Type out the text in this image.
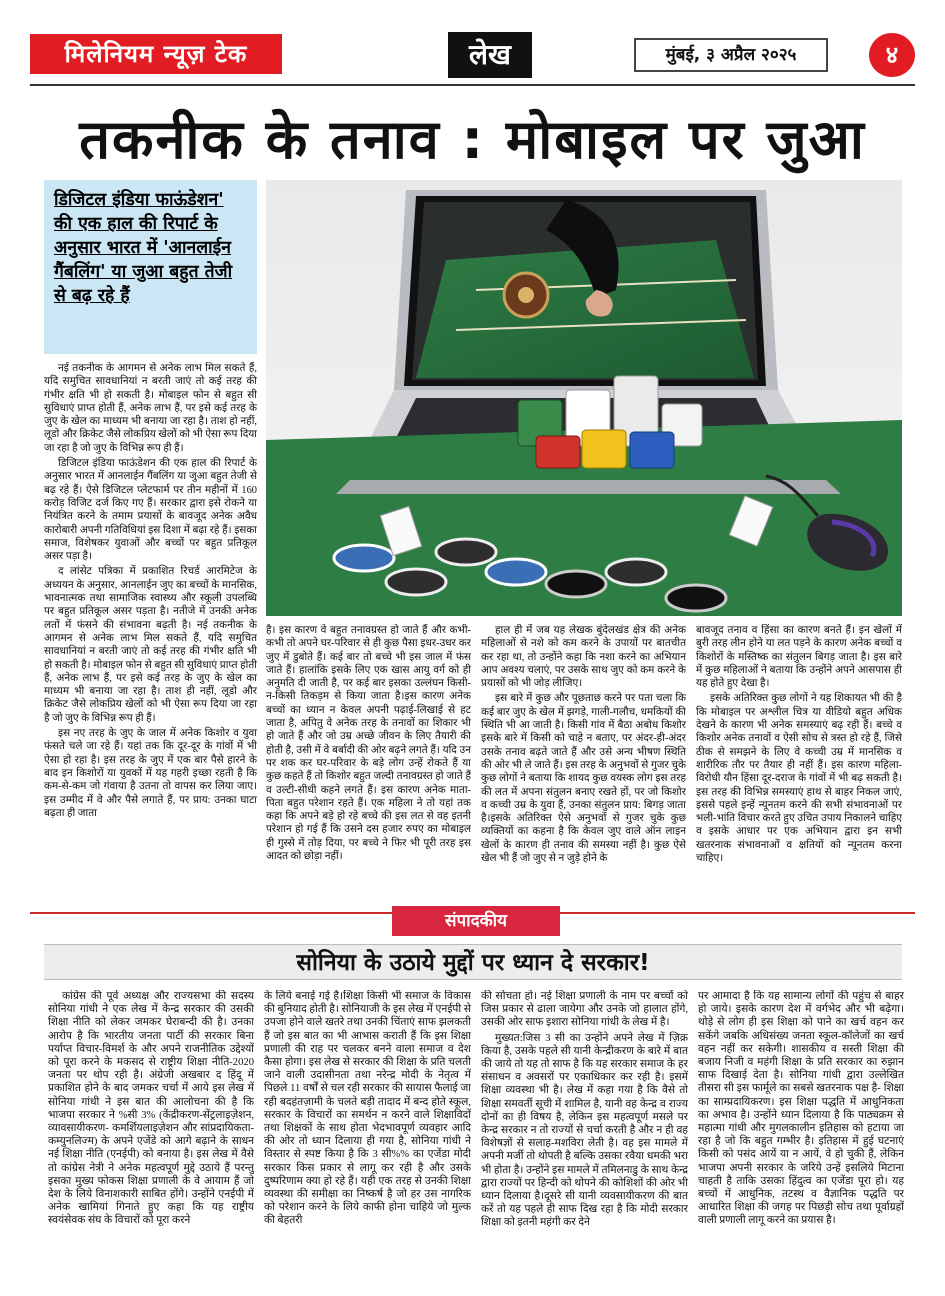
मिलेनियम न्यूज़ टेक	लेख	मुंबई, ३ अप्रैल २०२५	४
तकनीक के तनाव : मोबाइल पर जुआ

डिजिटल इंडिया फाऊंडेशन' की एक हाल की रिपार्ट के अनुसार भारत में 'आनलाईन गैंबलिंग' या जुआ बहुत तेजी से बढ़ रहे हैं

नई तकनीक के आगमन से अनेक लाभ मिल सकते हैं, यदि समुचित सावधानियां न बरती जाएं तो कई तरह की गंभीर क्षति भी हो सकती है। मोबाइल फोन से बहुत सी सुविधाएं प्राप्त होती हैं, अनेक लाभ हैं, पर इसे कई तरह के जुए के खेल का माध्यम भी बनाया जा रहा है। ताश हो नहीं, लूडो और क्रिकेट जैसे लोकप्रिय खेलों को भी ऐसा रूप दिया जा रहा है जो जुए के विभिन्न रूप ही हैं।

डिजिटल इंडिया फाऊंडेशन की एक हाल की रिपार्ट के अनुसार भारत में आनलाईन गैंबलिंग या जुआ बहुत तेजी से बढ़ रहे हैं। ऐसे डिजिटल प्लेटफार्म पर तीन महीनों में 160 करोड़ विजिट दर्ज किए गए हैं। सरकार द्वारा इसे रोकने या नियंत्रित करने के तमाम प्रयासों के बावजूद अनेक अवैध कारोबारी अपनी गतिविधियां इस दिशा में बढ़ा रहे हैं। इसका समाज, विशेषकर युवाओं और बच्चों पर बहुत प्रतिकूल असर पड़ा है।

द लांसेट पत्रिका में प्रकाशित रिचर्ड आरमिटेज के अध्ययन के अनुसार, आनलाईन जुए का बच्चों के मानसिक, भावनात्मक तथा सामाजिक स्वास्थ्य और स्कूली उपलब्धि पर बहुत प्रतिकूल असर पड़ता है। नतीजे में उनकी अनेक लतों में फंसने की संभावना बढ़ती है। नई तकनीक के आगमन से अनेक लाभ मिल सकते हैं, यदि समुचित सावधानियां न बरती जाएं तो कई तरह की गंभीर क्षति भी हो सकती है। मोबाइल फोन से बहुत सी सुविधाएं प्राप्त होती हैं, अनेक लाभ हैं, पर इसे कई तरह के जुए के खेल का माध्यम भी बनाया जा रहा है। ताश ही नहीं, लूडो और क्रिकेट जैसे लोकप्रिय खेलों को भी ऐसा रूप दिया जा रहा है जो जुए के विभिन्न रूप ही हैं।

इस नए तरह के जुए के जाल में अनेक किशोर व युवा फंसते चले जा रहे हैं। यहां तक कि दूर-दूर के गांवों में भी ऐसा हो रहा है। इस तरह के जुए में एक बार पैसे हारने के बाद इन किशोरों या युवकों में यह गहरी इच्छा रहती है कि कम-से-कम जो गंवाया है उतना तो वापस कर लिया जाए। इस उम्मीद में वे और पैसे लगाते हैं, पर प्राय: उनका घाटा बढ़ता ही जाता

है। इस कारण वे बहुत तनावग्रस्त हो जाते हैं और कभी-कभी तो अपने घर-परिवार से ही कुछ पैसा इधर-उधर कर जुए में डुबोते हैं। कई बार तो बच्चे भी इस जाल में फंस जाते हैं। हालांकि इसके लिए एक खास आयु वर्ग को ही अनुमति दी जाती है, पर कई बार इसका उल्लंघन किसी-न-किसी तिकड़म से किया जाता है।इस कारण अनेक बच्चों का ध्यान न केवल अपनी पढ़ाई-लिखाई से हट जाता है, अपितु वे अनेक तरह के तनावों का शिकार भी हो जाते हैं और जो उम्र अच्छे जीवन के लिए तैयारी की होती है, उसी में वे बर्बादी की ओर बढ़ने लगते हैं। यदि उन पर शक कर घर-परिवार के बड़े लोग उन्हें रोकते हैं या कुछ कहते हैं तो किशोर बहुत जल्दी तनावग्रस्त हो जाते हैं व उल्टी-सीधी कहने लगते हैं। इस कारण अनेक माता-पिता बहुत परेशान रहते हैं। एक महिला ने तो यहां तक कहा कि अपने बड़े हो रहे बच्चे की इस लत से वह इतनी परेशान हो गई हैं कि उसने दस हजार रुपए का मोबाइल ही गुस्से में तोड़ दिया, पर बच्चे ने फिर भी पूरी तरह इस आदत को छोड़ा नहीं।

हाल ही में जब यह लेखक बुंदेलखंड क्षेत्र की अनेक महिलाओं से नशे को कम करने के उपायों पर बातचीत कर रहा था, तो उन्होंने कहा कि नशा करने का अभियान आप अवश्य चलाएं, पर उसके साथ जुए को कम करने के प्रयासों को भी जोड़ लीजिए।

इस बारे में कुछ और पूछताछ करने पर पता चला कि कई बार जुए के खेल में झगड़े, गाली-गलौच, धमकियों की स्थिति भी आ जाती है। किसी गांव में बैठा अबोध किशोर इसके बारे में किसी को चाहे न बताए, पर अंदर-ही-अंदर उसके तनाव बढ़ते जाते हैं और उसे अन्य भीषण स्थिति की ओर भी ले जाते हैं। इस तरह के अनुभवों से गुजर चुके कुछ लोगों ने बताया कि शायद कुछ वयस्क लोग इस तरह की लत में अपना संतुलन बनाए रखते हों, पर जो किशोर व कच्ची उम्र के युवा हैं, उनका संतुलन प्राय: बिगड़ जाता है।इसके अतिरिक्त ऐसे अनुभवों से गुजर चुके कुछ व्यक्तियों का कहना है कि केवल जुए वाले ऑन लाइन खेलों के कारण ही तनाव की समस्या नहीं है। कुछ ऐसे खेल भी हैं जो जुए से न जुड़े होने के

बावजूद तनाव व हिंसा का कारण बनते हैं। इन खेलों में बुरी तरह लीन होने या लत पड़ने के कारण अनेक बच्चों व किशोरों के मस्तिष्क का संतुलन बिगड़ जाता है। इस बारे में कुछ महिलाओं ने बताया कि उन्होंने अपने आसपास ही यह होते हुए देखा है।

इसके अतिरिक्त कुछ लोगों ने यह शिकायत भी की है कि मोबाइल पर अश्लील चित्र या वीडियो बहुत अधिक देखने के कारण भी अनेक समस्याएं बढ़ रही हैं। बच्चे व किशोर अनेक तनावों व ऐसी सोच से त्रस्त हो रहे हैं, जिसे ठीक से समझने के लिए वे कच्ची उम्र में मानसिक व शारीरिक तौर पर तैयार ही नहीं हैं। इस कारण महिला-विरोधी यौन हिंसा दूर-दराज के गांवों में भी बढ़ सकती है। इस तरह की विभिन्न समस्याएं हाथ से बाहर निकल जाएं, इससे पहले इन्हें न्यूनतम करने की सभी संभावनाओं पर भली-भांति विचार करते हुए उचित उपाय निकालने चाहिए व इसके आधार पर एक अभियान द्वारा इन सभी खतरनाक संभावनाओं व क्षतियों को न्यूनतम करना चाहिए।

संपादकीय
सोनिया के उठाये मुद्दों पर ध्यान दे सरकार!

कांग्रेस की पूर्व अध्यक्ष और राज्यसभा की सदस्य सोनिया गांधी ने एक लेख में केन्द्र सरकार की उसकी शिक्षा नीति को लेकर जमकर घेराबन्दी की है। उनका आरोप है कि भारतीय जनता पार्टी की सरकार बिना पर्याप्त विचार-विमर्श के और अपने राजनीतिक उद्देश्यों को पूरा करने के मकसद से राष्ट्रीय शिक्षा नीति-2020 जनता पर थोप रही है। अंग्रेजी अखबार द हिंदू में प्रकाशित होने के बाद जमकर चर्चा में आये इस लेख में सोनिया गांधी ने इस बात की आलोचना की है कि भाजपा सरकार ने %सी 3% (केंद्रीकरण-सेंट्रलाइज़ेशन, व्यावसायीकरण- कमर्शियलाइज़ेशन और सांप्रदायिकता- कम्युनलिज्म) के अपने एजेंडे को आगे बढ़ाने के साधन नई शिक्षा नीति (एनईपी) को बनाया है। इस लेख में वैसे तो कांग्रेस नेत्री ने अनेक महत्वपूर्ण मुद्दे उठाये हैं परन्तु इसका मुख्य फोकस शिक्षा प्रणाली के वे आयाम हैं जो देश के लिये विनाशकारी साबित होंगे। उन्होंने एनईपी में अनेक खामियां गिनाते हुए कहा कि यह राष्ट्रीय स्वयंसेवक संघ के विचारों को पूरा करने

के लिये बनाई गई है।शिक्षा किसी भी समाज के विकास की बुनियाद होती है। सोनियाजी के इस लेख में एनईपी से उपजा होने वाले खतरे तथा उनकी चिंताएं साफ झलकती हैं जो इस बात का भी आभास कराती हैं कि इस शिक्षा प्रणाली की राह पर चलकर बनने वाला समाज व देश कैसा होगा। इस लेख से सरकार की शिक्षा के प्रति चलती जाने वाली उदासीनता तथा नरेन्द्र मोदी के नेतृत्व में पिछले 11 वर्षों से चल रही सरकार की सायास फैलाई जा रही बदहंतज़ामी के चलते बड़ी तादाद में बन्द होते स्कूल, सरकार के विचारों का समर्थन न करने वाले शिक्षाविदों तथा शिक्षकों के साथ होता भेदभावपूर्ण व्यवहार आदि की ओर तो ध्यान दिलाया ही गया है, सोनिया गांधी ने विस्तार से स्पष्ट किया है कि 3 सी%% का एजेंडा मोदी सरकार किस प्रकार से लागू कर रही है और उसके दुष्परिणाम क्या हो रहे हैं। यही एक तरह से उनकी शिक्षा व्यवस्था की समीक्षा का निष्कर्ष है जो हर उस नागरिक को परेशान करने के लिये काफी होना चाहिये जो मुल्क की बेहतरी

की सोचता हो। नई शिक्षा प्रणाली के नाम पर बच्चों को जिस प्रकार से ढाला जायेगा और उनके जो हालात होंगे, उसकी ओर साफ इशारा सोनिया गांधी के लेख में है।

मुख्यत:जिस 3 सी का उन्होंने अपने लेख में ज़िक्र किया है, उसके पहले सी यानी केन्द्रीकरण के बारे में बात की जाये तो यह तो साफ है कि यह सरकार समाज के हर संसाधन व अवसरों पर एकाधिकार कर रही है। इसमें शिक्षा व्यवस्था भी है। लेख में कहा गया है कि वैसे तो शिक्षा समवर्ती सूची में शामिल है, यानी वह केन्द्र व राज्य दोनों का ही विषय है, लेकिन इस महत्वपूर्ण मसले पर केन्द्र सरकार न तो राज्यों से चर्चा करती है और न ही वह विशेषज्ञों से सलाह-मशविरा लेती है। वह इस मामले में अपनी मर्जी तो थोपती है बल्कि उसका रवैया धमकी भरा भी होता है। उन्होंने इस मामले में तमिलनाडु के साथ केन्द्र द्वारा राज्यों पर हिन्दी को थोपने की कोशिशों की ओर भी ध्यान दिलाया है।दूसरे सी यानी व्यवसायीकरण की बात करें तो यह पहले ही साफ दिख रहा है कि मोदी सरकार शिक्षा को इतनी महंगी कर देने

पर आमादा है कि यह सामान्य लोगों की पहुंच से बाहर हो जाये। इसके कारण देश में वर्गभेद और भी बढ़ेगा। थोड़े से लोग ही इस शिक्षा को पाने का खर्च वहन कर सकेंगे जबकि अधिसंख्य जनता स्कूल-कॉलेजों का खर्च वहन नहीं कर सकेगी। शासकीय व सस्ती शिक्षा की बजाय निजी व महंगी शिक्षा के प्रति सरकार का रुझान साफ दिखाई देता है। सोनिया गांधी द्वारा उल्लेखित तीसरा सी इस फार्मूले का सबसे खतरनाक पक्ष है- शिक्षा का साम्प्रदायिकरण। इस शिक्षा पद्धति में आधुनिकता का अभाव है। उन्होंने ध्यान दिलाया है कि पाठ्यक्रम से महात्मा गांधी और मुगलकालीन इतिहास को हटाया जा रहा है जो कि बहुत गम्भीर है। इतिहास में हुई घटनाएं किसी को पसंद आयें या न आयें, वे हो चुकी हैं, लेकिन भाजपा अपनी सरकार के जरिये उन्हें इसलिये मिटाना चाहती है ताकि उसका हिंदुत्व का एजेंडा पूरा हो। यह बच्चों में आधुनिक, तटस्थ व वैज्ञानिक पद्धति पर आधारित शिक्षा की जगह पर पिछड़ी सोच तथा पूर्वाग्रहों वाली प्रणाली लागू करने का प्रयास है।
